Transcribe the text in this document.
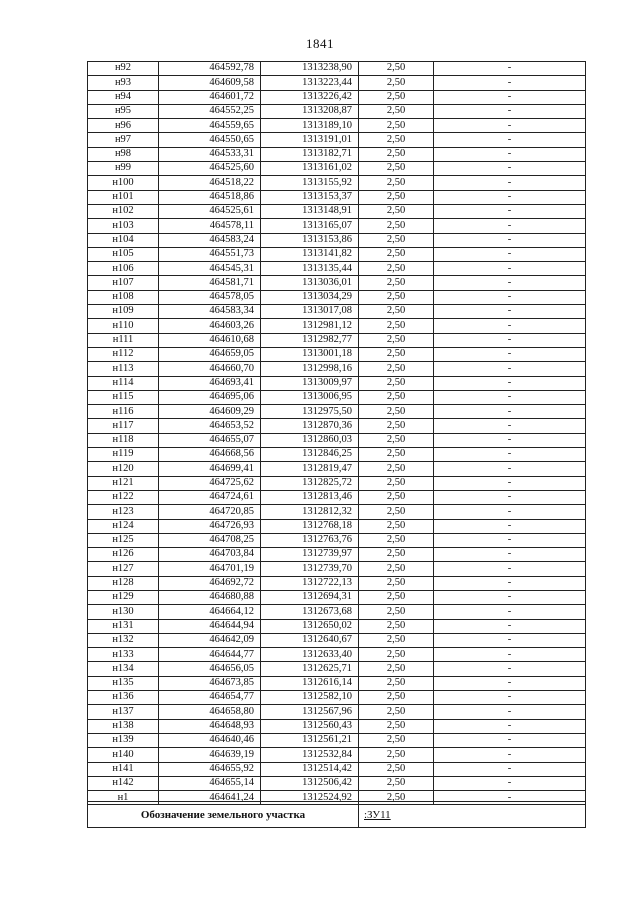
1841
н92	464592,78	1313238,90	2,50	-
н93	464609,58	1313223,44	2,50	-
н94	464601,72	1313226,42	2,50	-
н95	464552,25	1313208,87	2,50	-
н96	464559,65	1313189,10	2,50	-
н97	464550,65	1313191,01	2,50	-
н98	464533,31	1313182,71	2,50	-
н99	464525,60	1313161,02	2,50	-
н100	464518,22	1313155,92	2,50	-
н101	464518,86	1313153,37	2,50	-
н102	464525,61	1313148,91	2,50	-
н103	464578,11	1313165,07	2,50	-
н104	464583,24	1313153,86	2,50	-
н105	464551,73	1313141,82	2,50	-
н106	464545,31	1313135,44	2,50	-
н107	464581,71	1313036,01	2,50	-
н108	464578,05	1313034,29	2,50	-
н109	464583,34	1313017,08	2,50	-
н110	464603,26	1312981,12	2,50	-
н111	464610,68	1312982,77	2,50	-
н112	464659,05	1313001,18	2,50	-
н113	464660,70	1312998,16	2,50	-
н114	464693,41	1313009,97	2,50	-
н115	464695,06	1313006,95	2,50	-
н116	464609,29	1312975,50	2,50	-
н117	464653,52	1312870,36	2,50	-
н118	464655,07	1312860,03	2,50	-
н119	464668,56	1312846,25	2,50	-
н120	464699,41	1312819,47	2,50	-
н121	464725,62	1312825,72	2,50	-
н122	464724,61	1312813,46	2,50	-
н123	464720,85	1312812,32	2,50	-
н124	464726,93	1312768,18	2,50	-
н125	464708,25	1312763,76	2,50	-
н126	464703,84	1312739,97	2,50	-
н127	464701,19	1312739,70	2,50	-
н128	464692,72	1312722,13	2,50	-
н129	464680,88	1312694,31	2,50	-
н130	464664,12	1312673,68	2,50	-
н131	464644,94	1312650,02	2,50	-
н132	464642,09	1312640,67	2,50	-
н133	464644,77	1312633,40	2,50	-
н134	464656,05	1312625,71	2,50	-
н135	464673,85	1312616,14	2,50	-
н136	464654,77	1312582,10	2,50	-
н137	464658,80	1312567,96	2,50	-
н138	464648,93	1312560,43	2,50	-
н139	464640,46	1312561,21	2,50	-
н140	464639,19	1312532,84	2,50	-
н141	464655,92	1312514,42	2,50	-
н142	464655,14	1312506,42	2,50	-
н1	464641,24	1312524,92	2,50	-
Обозначение земельного участка	:ЗУ11
